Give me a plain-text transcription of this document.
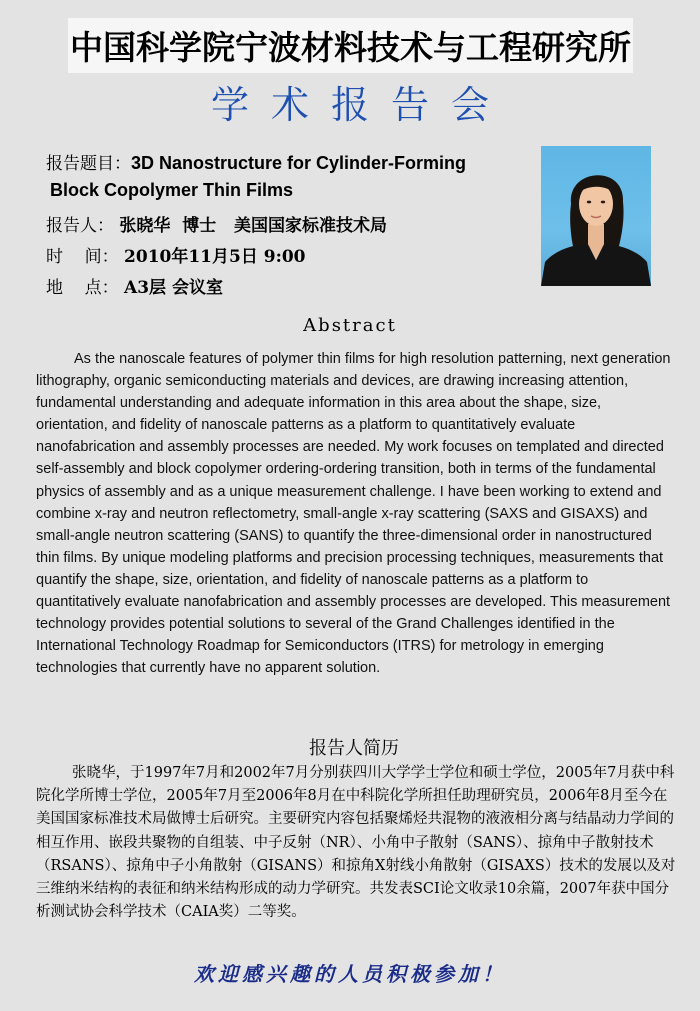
中国科学院宁波材料技术与工程研究所
学术报告会
报告题目：3D Nanostructure for Cylinder-Forming
Block Copolymer Thin Films
报告人： 张晓华  博士   美国国家标准技术局
时    间： 2010年11月5日 9:00
地    点： A3层 会议室
Abstract

As the nanoscale features of polymer thin films for high resolution patterning, next generation lithography, organic semiconducting materials and devices, are drawing increasing attention, fundamental understanding and adequate information in this area about the shape, size, orientation, and fidelity of nanoscale patterns as a platform to quantitatively evaluate nanofabrication and assembly processes are needed. My work focuses on templated and directed self-assembly and block copolymer ordering-ordering transition, both in terms of the fundamental physics of assembly and as a unique measurement challenge. I have been working to extend and combine x-ray and neutron reflectometry, small-angle x-ray scattering (SAXS and GISAXS) and small-angle neutron scattering (SANS) to quantify the three-dimensional order in nanostructured thin films. By unique modeling platforms and precision processing techniques, measurements that quantify the shape, size, orientation, and fidelity of nanoscale patterns as a platform to quantitatively evaluate nanofabrication and assembly processes are developed. This measurement technology provides potential solutions to several of the Grand Challenges identified in the International Technology Roadmap for Semiconductors (ITRS) for metrology in emerging technologies that currently have no apparent solution.

报告人简历

张晓华，于1997年7月和2002年7月分别获四川大学学士学位和硕士学位，2005年7月获中科院化学所博士学位，2005年7月至2006年8月在中科院化学所担任助理研究员，2006年8月至今在美国国家标准技术局做博士后研究。主要研究内容包括聚烯烃共混物的液液相分离与结晶动力学间的相互作用、嵌段共聚物的自组装、中子反射（NR）、小角中子散射（SANS）、掠角中子散射技术（RSANS）、掠角中子小角散射（GISANS）和掠角X射线小角散射（GISAXS）技术的发展以及对三维纳米结构的表征和纳米结构形成的动力学研究。共发表SCI论文收录10余篇，2007年获中国分析测试协会科学技术（CAIA奖）二等奖。

欢迎感兴趣的人员积极参加！
